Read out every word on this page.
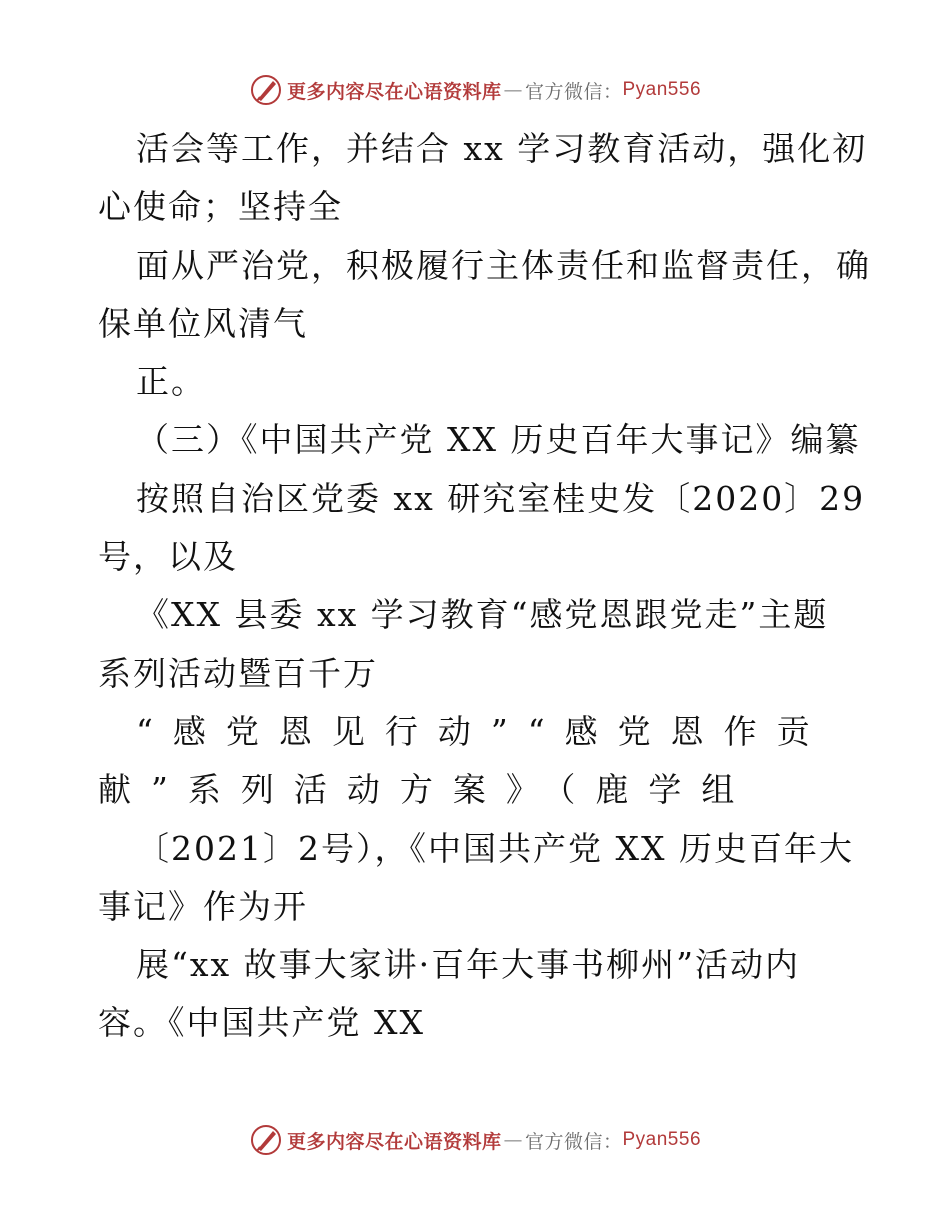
更多内容尽在心语资料库 — 官方微信： Pyan556
活会等工作，并结合 xx 学习教育活动，强化初
心使命；坚持全
面从严治党，积极履行主体责任和监督责任，确
保单位风清气
正。
（三）《中国共产党 XX 历史百年大事记》编纂
按照自治区党委 xx 研究室桂史发〔2020〕29
号，以及
《XX 县委 xx 学习教育“感党恩跟党走”主题
系列活动暨百千万
“感党恩见行动”“感党恩作贡
献”系列活动方案》（鹿学组
〔2021〕2号），《中国共产党 XX 历史百年大
事记》作为开
展“xx 故事大家讲·百年大事书柳州”活动内
容。《中国共产党 XX
更多内容尽在心语资料库 — 官方微信： Pyan556
